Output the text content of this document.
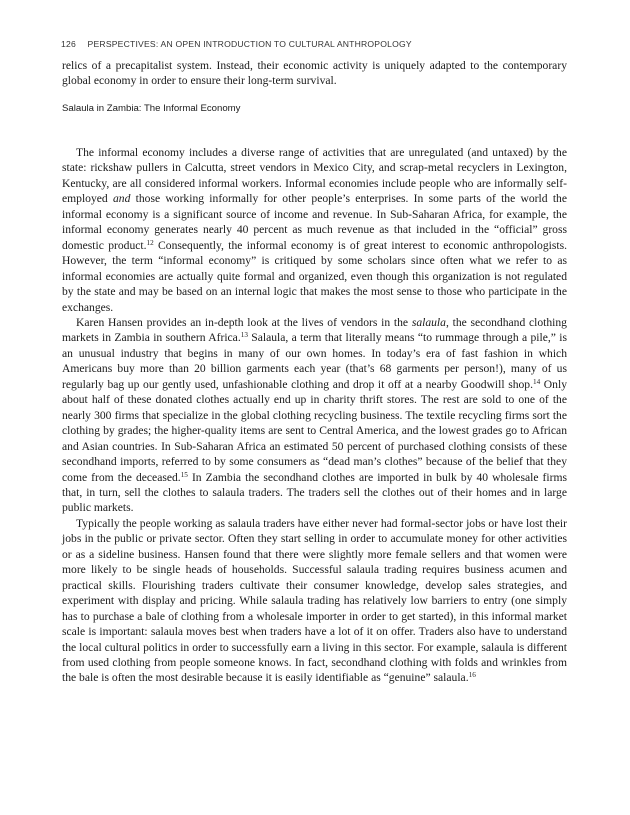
126 PERSPECTIVES: AN OPEN INTRODUCTION TO CULTURAL ANTHROPOLOGY

relics of a precapitalist system. Instead, their economic activity is uniquely adapted to the contemporary global economy in order to ensure their long-term survival.

Salaula in Zambia: The Informal Economy

The informal economy includes a diverse range of activities that are unregulated (and untaxed) by the state: rickshaw pullers in Calcutta, street vendors in Mexico City, and scrap-metal recyclers in Lexington, Kentucky, are all considered informal workers. Informal economies include people who are informally self-employed and those working informally for other people’s enterprises. In some parts of the world the informal economy is a significant source of income and revenue. In Sub-Saharan Africa, for example, the informal economy generates nearly 40 percent as much revenue as that included in the “official” gross domestic product.$^{12}$ Consequently, the informal economy is of great interest to economic anthropologists. However, the term “informal economy” is critiqued by some scholars since often what we refer to as informal economies are actually quite formal and organized, even though this organization is not regulated by the state and may be based on an internal logic that makes the most sense to those who participate in the exchanges.

Karen Hansen provides an in-depth look at the lives of vendors in the salaula, the secondhand clothing markets in Zambia in southern Africa.$^{13}$ Salaula, a term that literally means “to rummage through a pile,” is an unusual industry that begins in many of our own homes. In today’s era of fast fashion in which Americans buy more than 20 billion garments each year (that’s 68 garments per person!), many of us regularly bag up our gently used, unfashionable clothing and drop it off at a nearby Goodwill shop.$^{14}$ Only about half of these donated clothes actually end up in charity thrift stores. The rest are sold to one of the nearly 300 firms that specialize in the global clothing recycling business. The textile recycling firms sort the clothing by grades; the higher-quality items are sent to Central America, and the lowest grades go to African and Asian countries. In Sub-Saharan Africa an estimated 50 percent of purchased clothing consists of these secondhand imports, referred to by some consumers as “dead man’s clothes” because of the belief that they come from the deceased.$^{15}$ In Zambia the secondhand clothes are imported in bulk by 40 wholesale firms that, in turn, sell the clothes to salaula traders. The traders sell the clothes out of their homes and in large public markets.

Typically the people working as salaula traders have either never had formal-sector jobs or have lost their jobs in the public or private sector. Often they start selling in order to accumulate money for other activities or as a sideline business. Hansen found that there were slightly more female sellers and that women were more likely to be single heads of households. Successful salaula trading requires business acumen and practical skills. Flourishing traders cultivate their consumer knowledge, develop sales strategies, and experiment with display and pricing. While salaula trading has relatively low barriers to entry (one simply has to purchase a bale of clothing from a wholesale importer in order to get started), in this informal market scale is important: salaula moves best when traders have a lot of it on offer. Traders also have to understand the local cultural politics in order to successfully earn a living in this sector. For example, salaula is different from used clothing from people someone knows. In fact, secondhand clothing with folds and wrinkles from the bale is often the most desirable because it is easily identifiable as “genuine” salaula.$^{16}$
